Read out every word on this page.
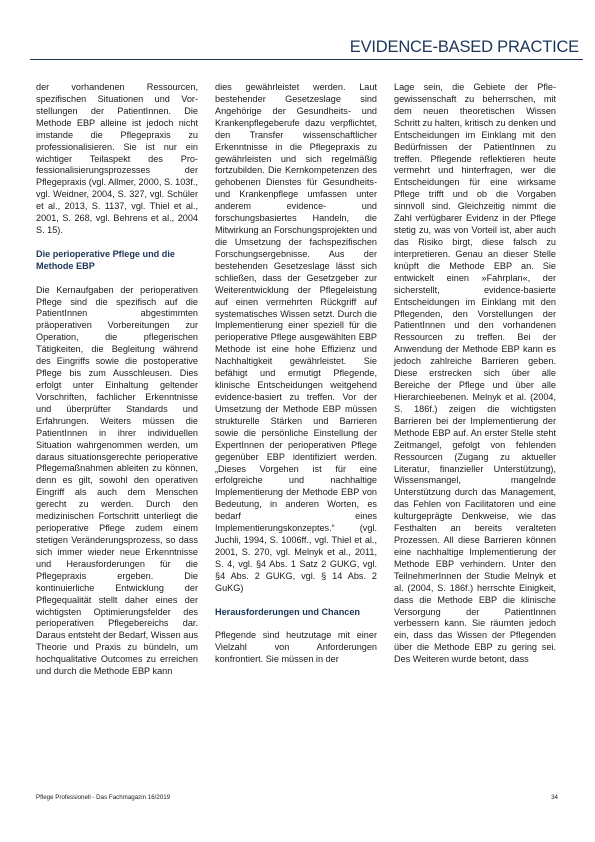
EVIDENCE-BASED PRACTICE

der vorhandenen Ressourcen, spezifischen Situationen und Vorstellungen der PatientInnen. Die Methode EBP alleine ist jedoch nicht imstande die Pflegepraxis zu professionalisieren. Sie ist nur ein wichtiger Teilaspekt des Professionalisierungsprozesses der Pflegepraxis (vgl. Allmer, 2000, S. 103f., vgl. Weidner, 2004, S. 327, vgl. Schüler et al., 2013, S. 1137, vgl. Thiel et al., 2001, S. 268, vgl. Behrens et al., 2004 S. 15).

Die perioperative Pflege und die Methode EBP

Die Kernaufgaben der perioperativen Pflege sind die spezifisch auf die PatientInnen abgestimmten präoperativen Vorbereitungen zur Operation, die pflegerischen Tätigkeiten, die Begleitung während des Eingriffs sowie die postoperative Pflege bis zum Ausschleusen. Dies erfolgt unter Einhaltung geltender Vorschriften, fachlicher Erkenntnisse und überprüfter Standards und Erfahrungen. Weiters müssen die PatientInnen in ihrer individuellen Situation wahrgenommen werden, um daraus situationsgerechte perioperative Pflegemaßnahmen ableiten zu können, denn es gilt, sowohl den operativen Eingriff als auch dem Menschen gerecht zu werden. Durch den medizinischen Fortschritt unterliegt die perioperative Pflege zudem einem stetigen Veränderungsprozess, so dass sich immer wieder neue Erkenntnisse und Herausforderungen für die Pflegepraxis ergeben. Die kontinuierliche Entwicklung der Pflegequalität stellt daher eines der wichtigsten Optimierungsfelder des perioperativen Pflegebereichs dar. Daraus entsteht der Bedarf, Wissen aus Theorie und Praxis zu bündeln, um hochqualitative Outcomes zu erreichen und durch die Methode EBP kann

dies gewährleistet werden. Laut bestehender Gesetzeslage sind Angehörige der Gesundheits- und Krankenpflegeberufe dazu verpflichtet, den Transfer wissenschaftlicher Erkenntnisse in die Pflegepraxis zu gewährleisten und sich regelmäßig fortzubilden. Die Kernkompetenzen des gehobenen Dienstes für Gesundheits- und Krankenpflege umfassen unter anderem evidence- und forschungsbasiertes Handeln, die Mitwirkung an Forschungsprojekten und die Umsetzung der fachspezifischen Forschungsergebnisse. Aus der bestehenden Gesetzeslage lässt sich schließen, dass der Gesetzgeber zur Weiterentwicklung der Pflegeleistung auf einen vermehrten Rückgriff auf systematisches Wissen setzt. Durch die Implementierung einer speziell für die perioperative Pflege ausgewählten EBP Methode ist eine hohe Effizienz und Nachhaltigkeit gewährleistet. Sie befähigt und ermutigt Pflegende, klinische Entscheidungen weitgehend evidence-basiert zu treffen. Vor der Umsetzung der Methode EBP müssen strukturelle Stärken und Barrieren sowie die persönliche Einstellung der ExpertInnen der perioperativen Pflege gegenüber EBP identifiziert werden. „Dieses Vorgehen ist für eine erfolgreiche und nachhaltige Implementierung der Methode EBP von Bedeutung, in anderen Worten, es bedarf eines Implementierungskonzeptes.“ (vgl. Juchli, 1994, S. 1006ff., vgl. Thiel et al., 2001, S. 270, vgl. Melnyk et al., 2011, S. 4, vgl. §4 Abs. 1 Satz 2 GUKG, vgl. §4 Abs. 2 GUKG, vgl. § 14 Abs. 2 GuKG)

Herausforderungen und Chancen

Pflegende sind heutzutage mit einer Vielzahl von Anforderungen konfrontiert. Sie müssen in der

Lage sein, die Gebiete der Pflegewissenschaft zu beherrschen, mit dem neuen theoretischen Wissen Schritt zu halten, kritisch zu denken und Entscheidungen im Einklang mit den Bedürfnissen der PatientInnen zu treffen. Pflegende reflektieren heute vermehrt und hinterfragen, wer die Entscheidungen für eine wirksame Pflege trifft und ob die Vorgaben sinnvoll sind. Gleichzeitig nimmt die Zahl verfügbarer Evidenz in der Pflege stetig zu, was von Vorteil ist, aber auch das Risiko birgt, diese falsch zu interpretieren. Genau an dieser Stelle knüpft die Methode EBP an. Sie entwickelt einen »Fahrplan«, der sicherstellt, evidence-basierte Entscheidungen im Einklang mit den Pflegenden, den Vorstellungen der PatientInnen und den vorhandenen Ressourcen zu treffen. Bei der Anwendung der Methode EBP kann es jedoch zahlreiche Barrieren geben. Diese erstrecken sich über alle Bereiche der Pflege und über alle Hierarchieebenen. Melnyk et al. (2004, S. 186f.) zeigen die wichtigsten Barrieren bei der Implementierung der Methode EBP auf. An erster Stelle steht Zeitmangel, gefolgt von fehlenden Ressourcen (Zugang zu aktueller Literatur, finanzieller Unterstützung), Wissensmangel, mangelnde Unterstützung durch das Management, das Fehlen von Facilitatoren und eine kulturgeprägte Denkweise, wie das Festhalten an bereits veralteten Prozessen. All diese Barrieren können eine nachhaltige Implementierung der Methode EBP verhindern. Unter den TeilnehmerInnen der Studie Melnyk et al. (2004, S. 186f.) herrschte Einigkeit, dass die Methode EBP die klinische Versorgung der PatientInnen verbessern kann. Sie räumten jedoch ein, dass das Wissen der Pflegenden über die Methode EBP zu gering sei. Des Weiteren wurde betont, dass

Pflege Professionell - Das Fachmagazin 16/2019	34
